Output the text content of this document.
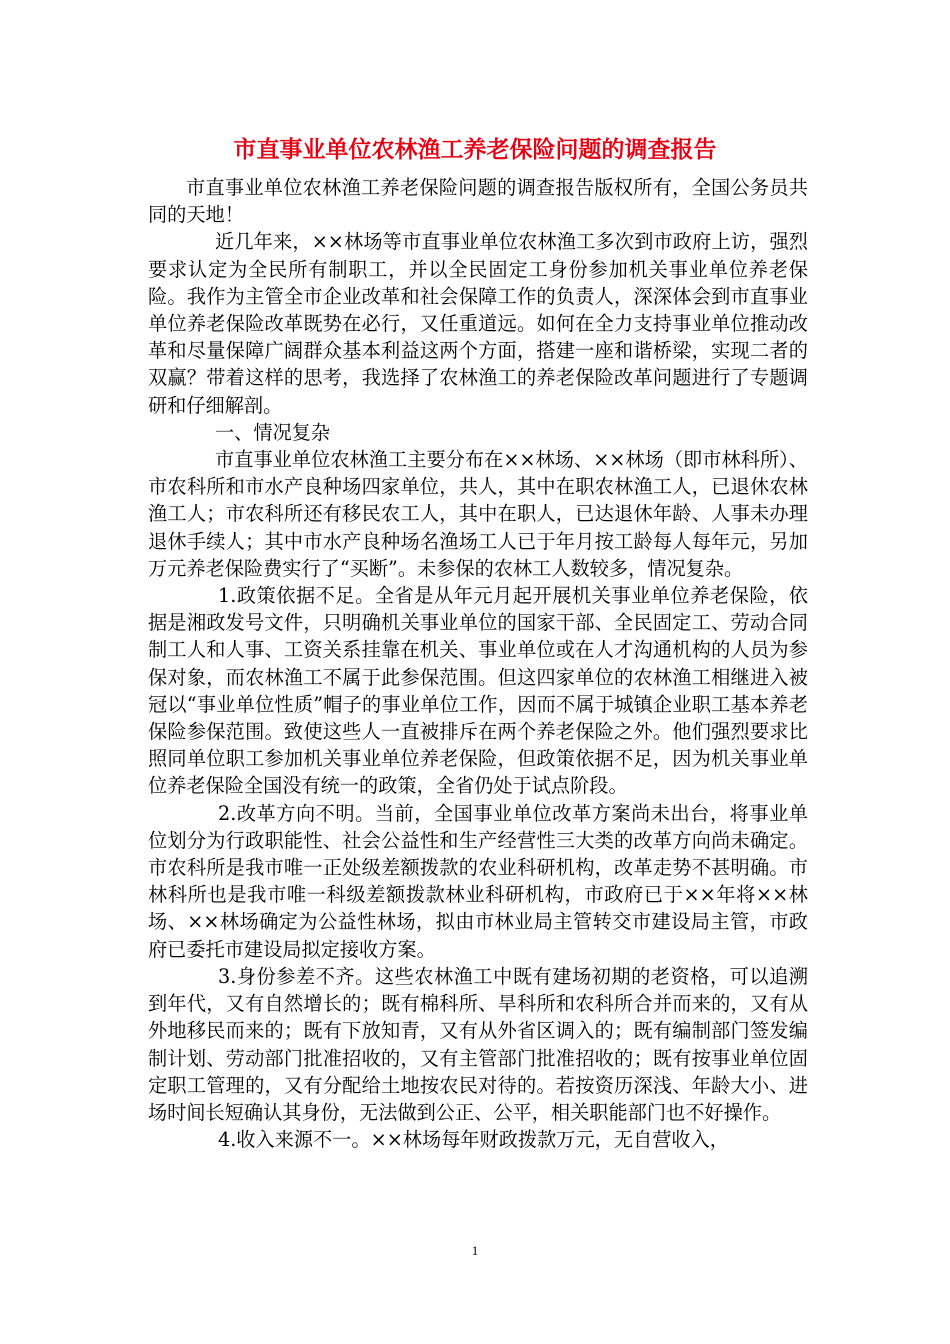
市直事业单位农林渔工养老保险问题的调查报告

市直事业单位农林渔工养老保险问题的调查报告版权所有，全国公务员共同的天地！

近几年来，××林场等市直事业单位农林渔工多次到市政府上访，强烈要求认定为全民所有制职工，并以全民固定工身份参加机关事业单位养老保险。我作为主管全市企业改革和社会保障工作的负责人，深深体会到市直事业单位养老保险改革既势在必行，又任重道远。如何在全力支持事业单位推动改革和尽量保障广阔群众基本利益这两个方面，搭建一座和谐桥梁，实现二者的双赢？带着这样的思考，我选择了农林渔工的养老保险改革问题进行了专题调研和仔细解剖。

一、情况复杂

市直事业单位农林渔工主要分布在××林场、××林场（即市林科所）、市农科所和市水产良种场四家单位，共人，其中在职农林渔工人，已退休农林渔工人；市农科所还有移民农工人，其中在职人，已达退休年龄、人事未办理退休手续人；其中市水产良种场名渔场工人已于年月按工龄每人每年元，另加万元养老保险费实行了“买断”。未参保的农林工人数较多，情况复杂。

1.政策依据不足。全省是从年元月起开展机关事业单位养老保险，依据是湘政发号文件，只明确机关事业单位的国家干部、全民固定工、劳动合同制工人和人事、工资关系挂靠在机关、事业单位或在人才沟通机构的人员为参保对象，而农林渔工不属于此参保范围。但这四家单位的农林渔工相继进入被冠以“事业单位性质”帽子的事业单位工作，因而不属于城镇企业职工基本养老保险参保范围。致使这些人一直被排斥在两个养老保险之外。他们强烈要求比照同单位职工参加机关事业单位养老保险，但政策依据不足，因为机关事业单位养老保险全国没有统一的政策，全省仍处于试点阶段。

2.改革方向不明。当前，全国事业单位改革方案尚未出台，将事业单位划分为行政职能性、社会公益性和生产经营性三大类的改革方向尚未确定。市农科所是我市唯一正处级差额拨款的农业科研机构，改革走势不甚明确。市林科所也是我市唯一科级差额拨款林业科研机构，市政府已于××年将××林场、××林场确定为公益性林场，拟由市林业局主管转交市建设局主管，市政府已委托市建设局拟定接收方案。

3.身份参差不齐。这些农林渔工中既有建场初期的老资格，可以追溯到年代，又有自然增长的；既有棉科所、旱科所和农科所合并而来的，又有从外地移民而来的；既有下放知青，又有从外省区调入的；既有编制部门签发编制计划、劳动部门批准招收的，又有主管部门批准招收的；既有按事业单位固定职工管理的，又有分配给土地按农民对待的。若按资历深浅、年龄大小、进场时间长短确认其身份，无法做到公正、公平，相关职能部门也不好操作。

4.收入来源不一。××林场每年财政拨款万元，无自营收入，

1
